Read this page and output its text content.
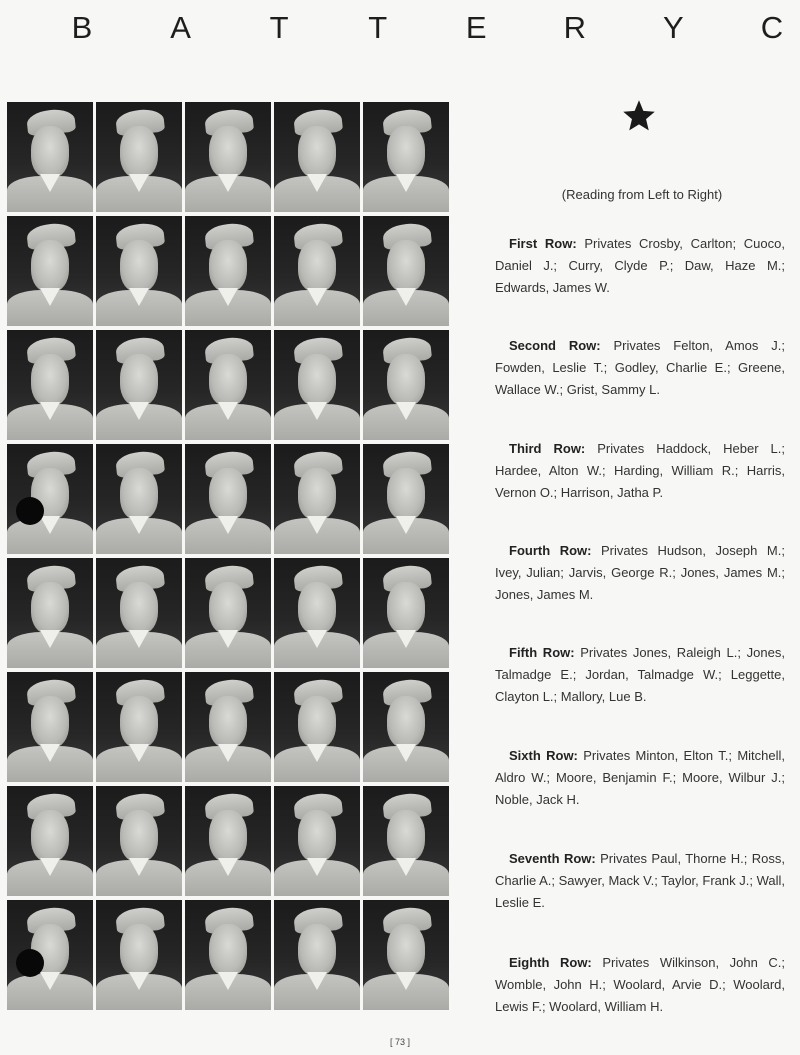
B	A	T	T	E	R	Y	C
(Reading from Left to Right)
First Row: Privates Crosby, Carlton; Cuoco, Daniel J.; Curry, Clyde P.; Daw, Haze M.; Edwards, James W.
Second Row: Privates Felton, Amos J.; Fowden, Leslie T.; Godley, Charlie E.; Greene, Wallace W.; Grist, Sammy L.
Third Row: Privates Haddock, Heber L.; Hardee, Alton W.; Harding, William R.; Harris, Vernon O.; Harrison, Jatha P.
Fourth Row: Privates Hudson, Joseph M.; Ivey, Julian; Jarvis, George R.; Jones, James M.; Jones, James M.
Fifth Row: Privates Jones, Raleigh L.; Jones, Talmadge E.; Jordan, Talmadge W.; Leggette, Clayton L.; Mallory, Lue B.
Sixth Row: Privates Minton, Elton T.; Mitchell, Aldro W.; Moore, Benjamin F.; Moore, Wilbur J.; Noble, Jack H.
Seventh Row: Privates Paul, Thorne H.; Ross, Charlie A.; Sawyer, Mack V.; Taylor, Frank J.; Wall, Leslie E.
Eighth Row: Privates Wilkinson, John C.; Womble, John H.; Woolard, Arvie D.; Woolard, Lewis F.; Woolard, William H.
[ 73 ]
